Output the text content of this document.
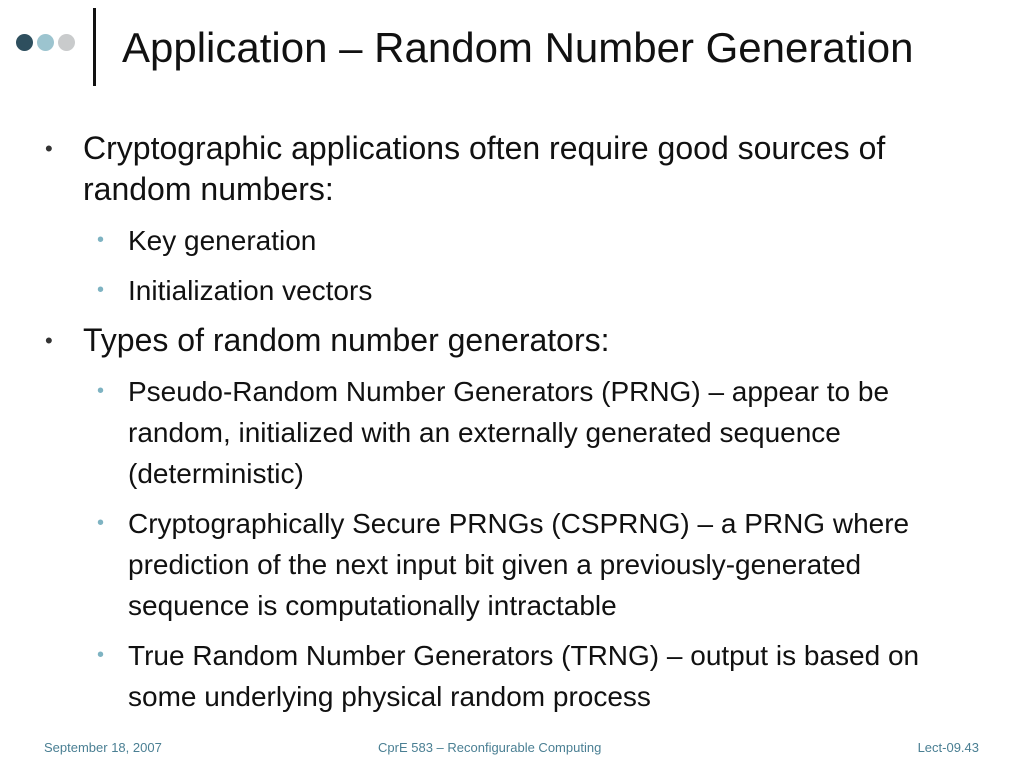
Application – Random Number Generation
• Cryptographic applications often require good sources of random numbers:
• Key generation
• Initialization vectors
• Types of random number generators:
• Pseudo-Random Number Generators (PRNG) – appear to be random, initialized with an externally generated sequence (deterministic)
• Cryptographically Secure PRNGs (CSPRNG) – a PRNG where prediction of the next input bit given a previously-generated sequence is computationally intractable
• True Random Number Generators (TRNG) – output is based on some underlying physical random process
September 18, 2007	CprE 583 – Reconfigurable Computing	Lect-09.43
